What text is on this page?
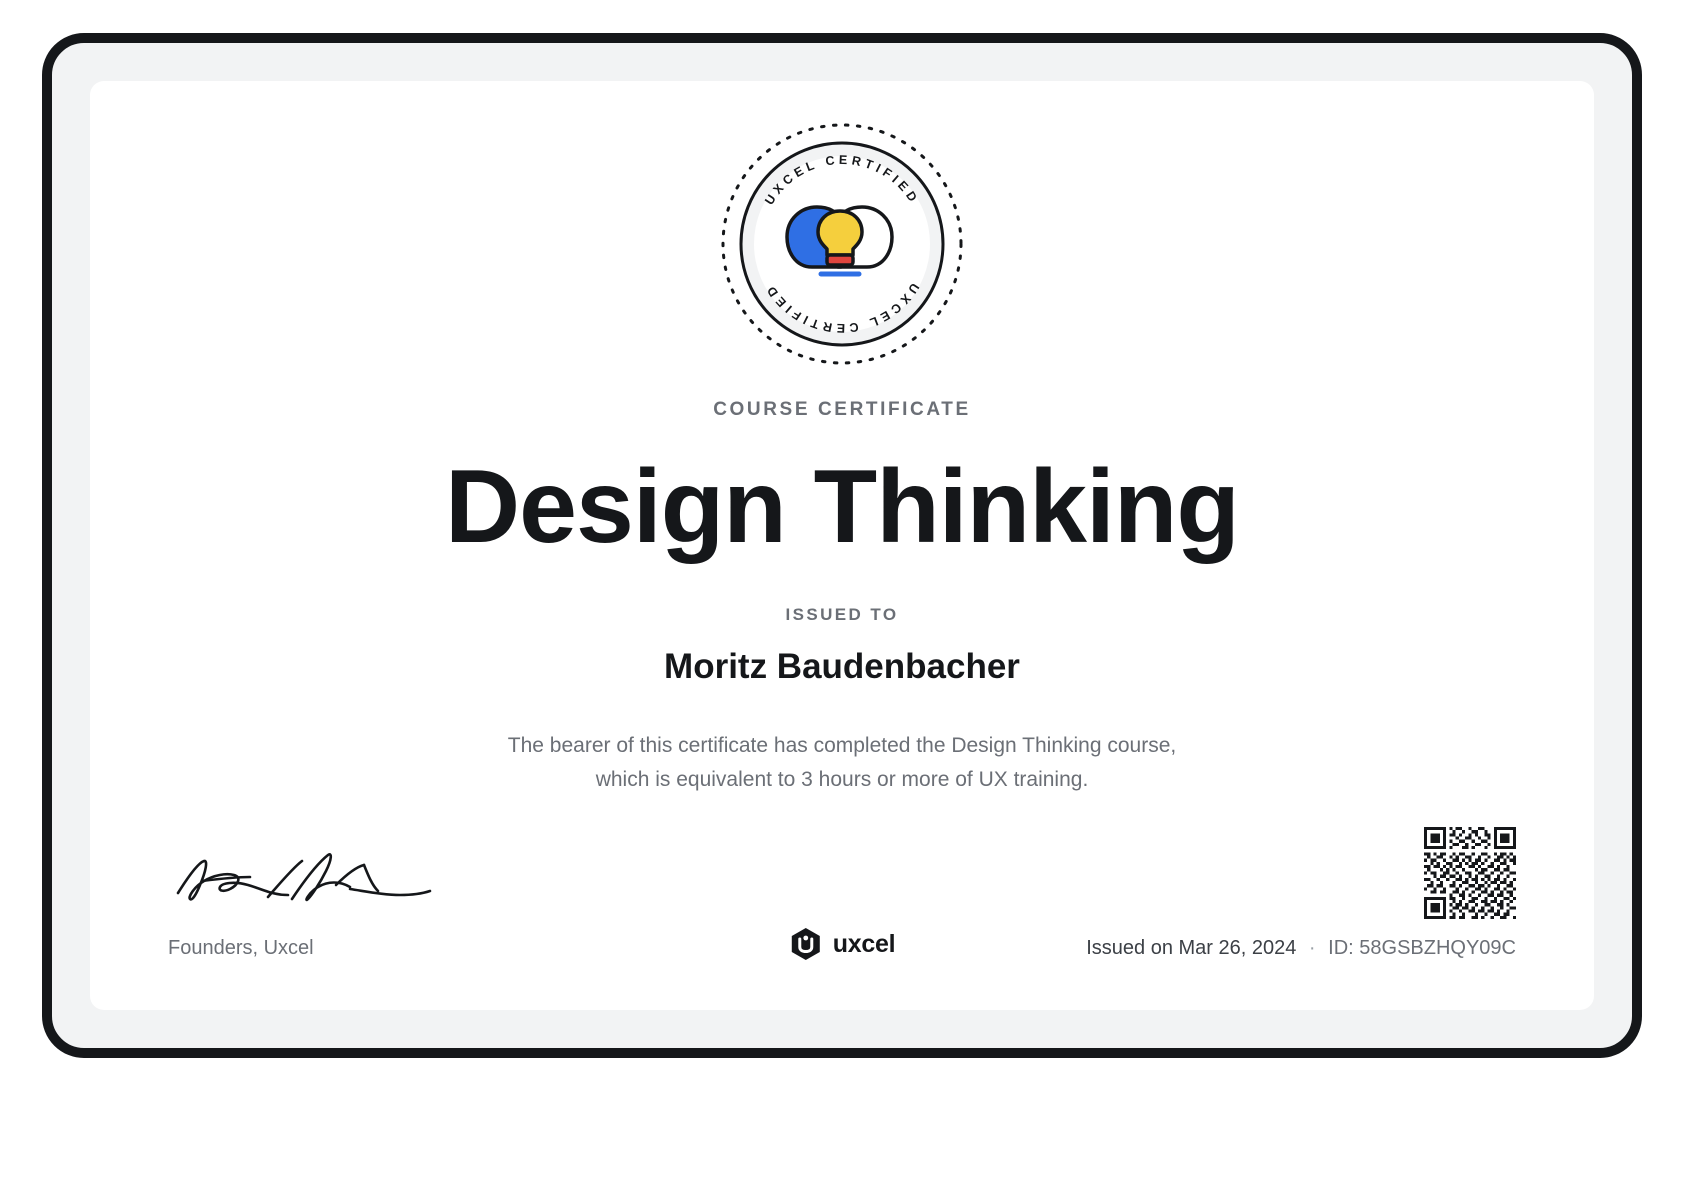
UXCEL CERTIFIED
UXCEL CERTIFIED
COURSE CERTIFICATE
Design Thinking
ISSUED TO
Moritz Baudenbacher
The bearer of this certificate has completed the Design Thinking course,
which is equivalent to 3 hours or more of UX training.
Founders, Uxcel	uxcel	Issued on Mar 26, 2024 · ID: 58GSBZHQY09C
